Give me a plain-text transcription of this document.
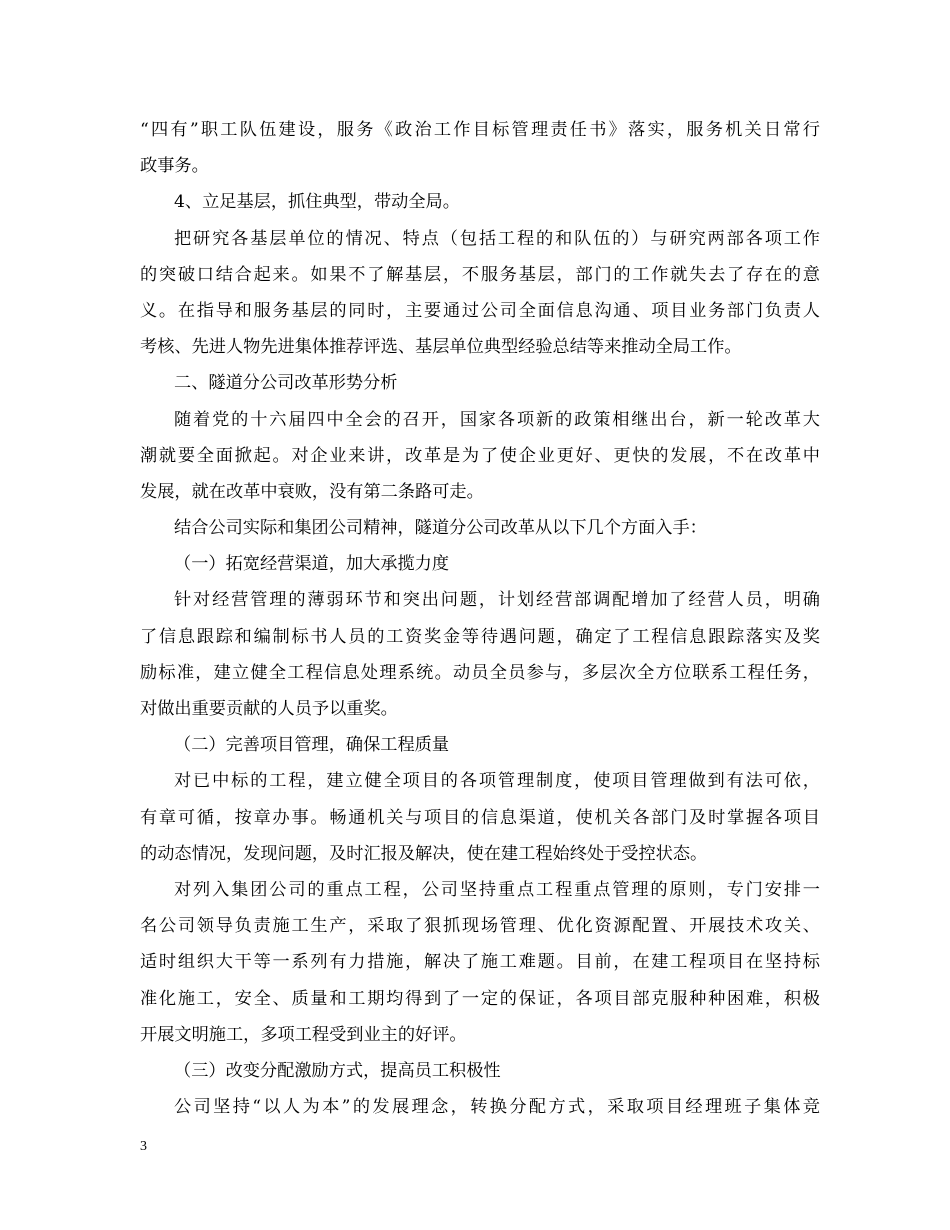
“四有”职工队伍建设，服务《政治工作目标管理责任书》落实，服务机关日常行
政事务。
4、立足基层，抓住典型，带动全局。
把研究各基层单位的情况、特点（包括工程的和队伍的）与研究两部各项工作
的突破口结合起来。如果不了解基层，不服务基层，部门的工作就失去了存在的意
义。在指导和服务基层的同时，主要通过公司全面信息沟通、项目业务部门负责人
考核、先进人物先进集体推荐评选、基层单位典型经验总结等来推动全局工作。
二、隧道分公司改革形势分析
随着党的十六届四中全会的召开，国家各项新的政策相继出台，新一轮改革大
潮就要全面掀起。对企业来讲，改革是为了使企业更好、更快的发展，不在改革中
发展，就在改革中衰败，没有第二条路可走。
结合公司实际和集团公司精神，隧道分公司改革从以下几个方面入手：
（一）拓宽经营渠道，加大承揽力度
针对经营管理的薄弱环节和突出问题，计划经营部调配增加了经营人员，明确
了信息跟踪和编制标书人员的工资奖金等待遇问题，确定了工程信息跟踪落实及奖
励标准，建立健全工程信息处理系统。动员全员参与，多层次全方位联系工程任务，
对做出重要贡献的人员予以重奖。
（二）完善项目管理，确保工程质量
对已中标的工程，建立健全项目的各项管理制度，使项目管理做到有法可依，
有章可循，按章办事。畅通机关与项目的信息渠道，使机关各部门及时掌握各项目
的动态情况，发现问题，及时汇报及解决，使在建工程始终处于受控状态。
对列入集团公司的重点工程，公司坚持重点工程重点管理的原则，专门安排一
名公司领导负责施工生产，采取了狠抓现场管理、优化资源配置、开展技术攻关、
适时组织大干等一系列有力措施，解决了施工难题。目前，在建工程项目在坚持标
准化施工，安全、质量和工期均得到了一定的保证，各项目部克服种种困难，积极
开展文明施工，多项工程受到业主的好评。
（三）改变分配激励方式，提高员工积极性
公司坚持“以人为本”的发展理念，转换分配方式，采取项目经理班子集体竞
3
